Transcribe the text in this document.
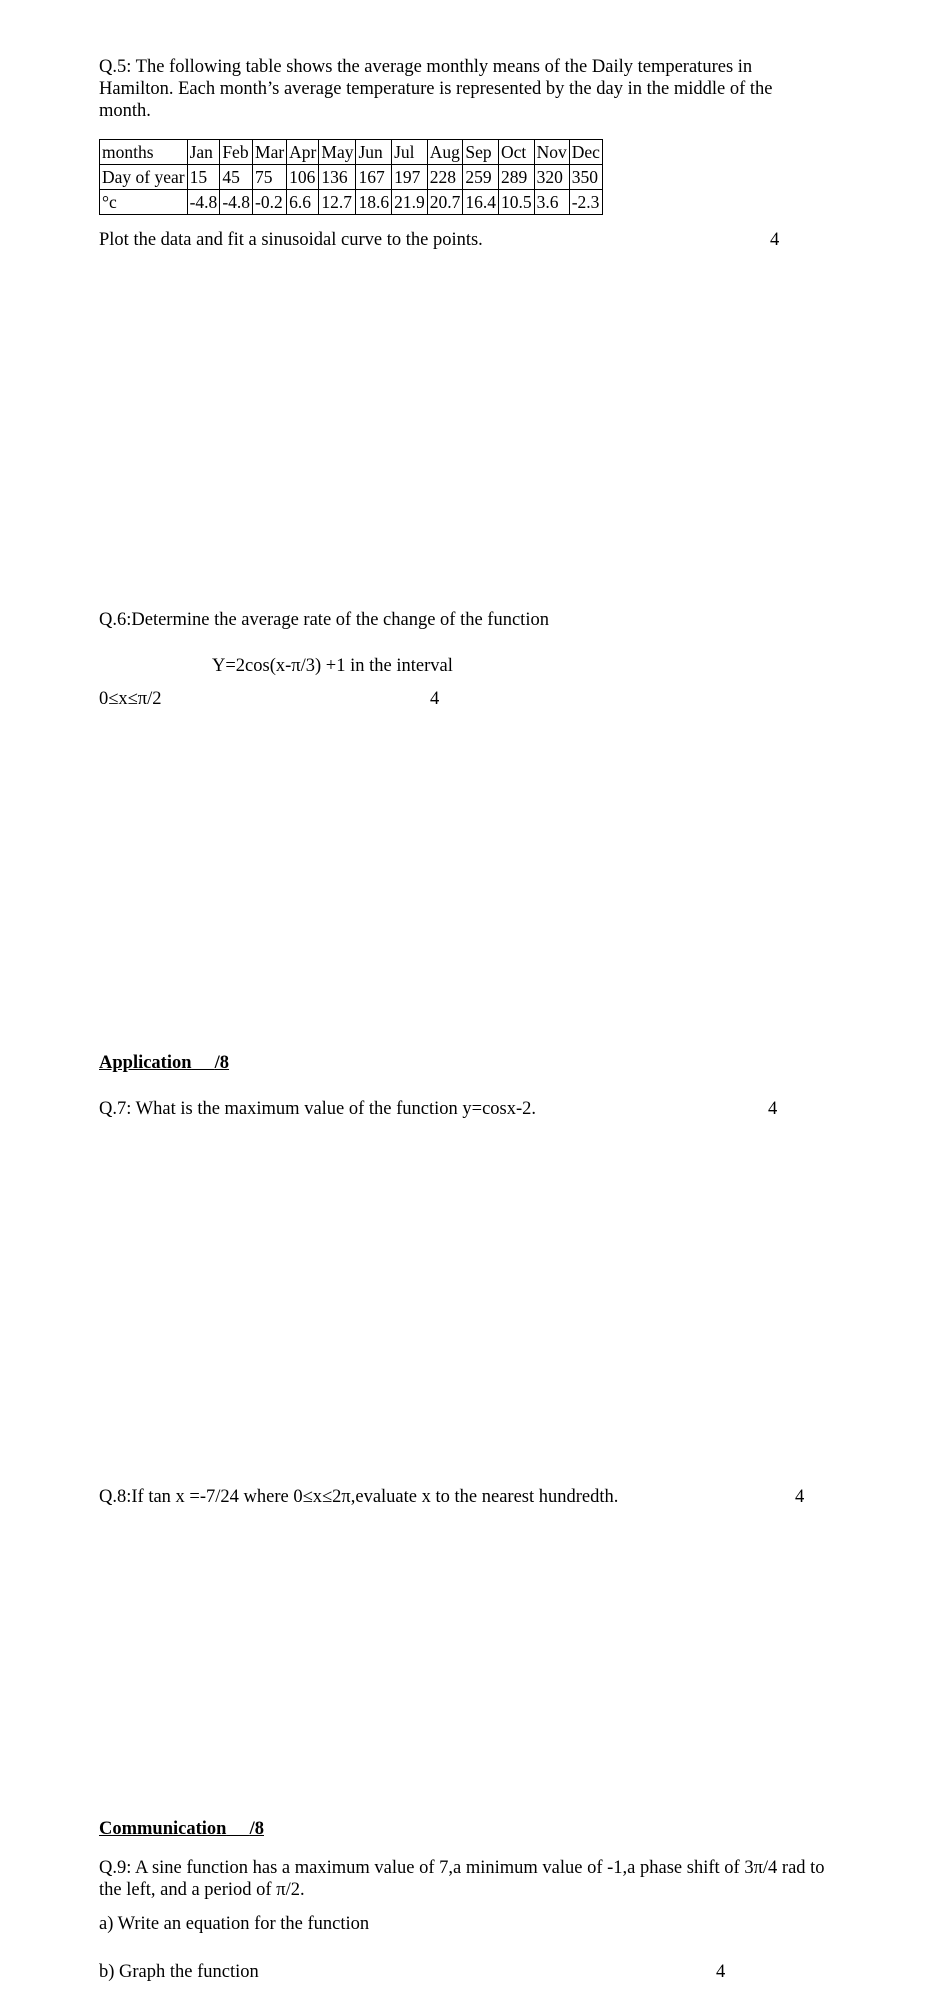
Q.5: The following table shows the average monthly means of the Daily temperatures in Hamilton. Each month’s average temperature is represented by the day in the middle of the month.
months	Jan	Feb	Mar	Apr	May	Jun	Jul	Aug	Sep	Oct	Nov	Dec
Day of year	15	45	75	106	136	167	197	228	259	289	320	350
°c	-4.8	-4.8	-0.2	6.6	12.7	18.6	21.9	20.7	16.4	10.5	3.6	-2.3
Plot the data and fit a sinusoidal curve to the points.	4
Q.6:Determine the average rate of the change of the function
Y=2cos(x-π/3) +1 in the interval
0≤x≤π/2	4
Application /8
Q.7: What is the maximum value of the function y=cosx-2.	4
Q.8:If tan x =-7/24 where 0≤x≤2π,evaluate x to the nearest hundredth.	4
Communication /8
Q.9: A sine function has a maximum value of 7,a minimum value of -1,a phase shift of 3π/4 rad to the left, and a period of π/2.
a) Write an equation for the function
b) Graph the function	4
